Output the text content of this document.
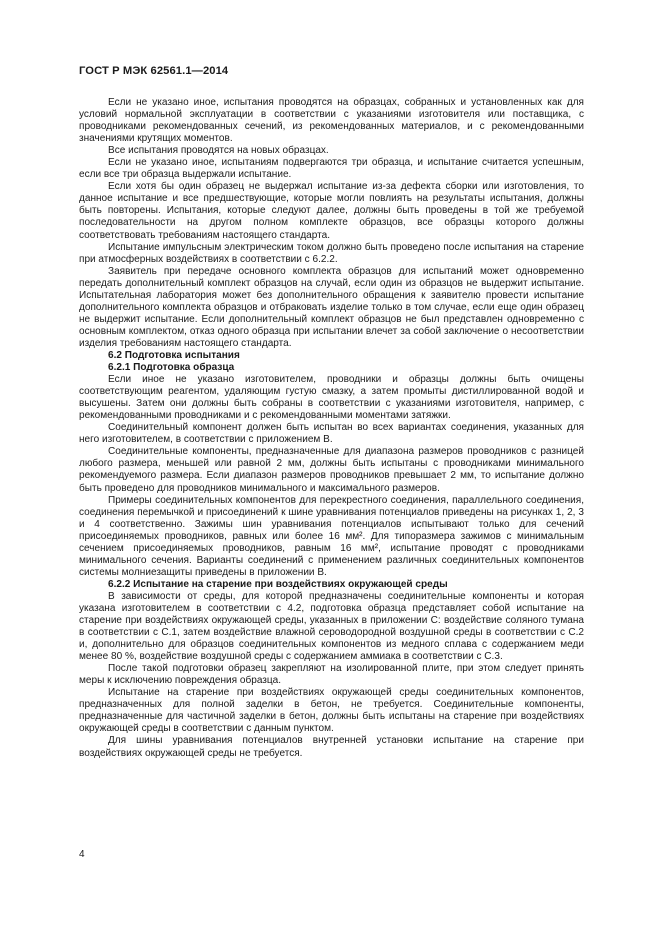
ГОСТ Р МЭК 62561.1—2014

Если не указано иное, испытания проводятся на образцах, собранных и установленных как для условий нормальной эксплуатации в соответствии с указаниями изготовителя или поставщика, с проводниками рекомендованных сечений, из рекомендованных материалов, и с рекомендованными значениями крутящих моментов.

Все испытания проводятся на новых образцах.

Если не указано иное, испытаниям подвергаются три образца, и испытание считается успешным, если все три образца выдержали испытание.

Если хотя бы один образец не выдержал испытание из-за дефекта сборки или изготовления, то данное испытание и все предшествующие, которые могли повлиять на результаты испытания, должны быть повторены. Испытания, которые следуют далее, должны быть проведены в той же требуемой последовательности на другом полном комплекте образцов, все образцы которого должны соответствовать требованиям настоящего стандарта.

Испытание импульсным электрическим током должно быть проведено после испытания на старение при атмосферных воздействиях в соответствии с 6.2.2.

Заявитель при передаче основного комплекта образцов для испытаний может одновременно передать дополнительный комплект образцов на случай, если один из образцов не выдержит испытание. Испытательная лаборатория может без дополнительного обращения к заявителю провести испытание дополнительного комплекта образцов и отбраковать изделие только в том случае, если еще один образец не выдержит испытание. Если дополнительный комплект образцов не был представлен одновременно с основным комплектом, отказ одного образца при испытании влечет за собой заключение о несоответствии изделия требованиям настоящего стандарта.

6.2 Подготовка испытания

6.2.1 Подготовка образца

Если иное не указано изготовителем, проводники и образцы должны быть очищены соответствующим реагентом, удаляющим густую смазку, а затем промыты дистиллированной водой и высушены. Затем они должны быть собраны в соответствии с указаниями изготовителя, например, с рекомендованными проводниками и с рекомендованными моментами затяжки.

Соединительный компонент должен быть испытан во всех вариантах соединения, указанных для него изготовителем, в соответствии с приложением В.

Соединительные компоненты, предназначенные для диапазона размеров проводников с разницей любого размера, меньшей или равной 2 мм, должны быть испытаны с проводниками минимального рекомендуемого размера. Если диапазон размеров проводников превышает 2 мм, то испытание должно быть проведено для проводников минимального и максимального размеров.

Примеры соединительных компонентов для перекрестного соединения, параллельного соединения, соединения перемычкой и присоединений к шине уравнивания потенциалов приведены на рисунках 1, 2, 3 и 4 соответственно. Зажимы шин уравнивания потенциалов испытывают только для сечений присоединяемых проводников, равных или более 16 мм². Для типоразмера зажимов с минимальным сечением присоединяемых проводников, равным 16 мм², испытание проводят с проводниками минимального сечения. Варианты соединений с применением различных соединительных компонентов системы молниезащиты приведены в приложении В.

6.2.2 Испытание на старение при воздействиях окружающей среды

В зависимости от среды, для которой предназначены соединительные компоненты и которая указана изготовителем в соответствии с 4.2, подготовка образца представляет собой испытание на старение при воздействиях окружающей среды, указанных в приложении С: воздействие соляного тумана в соответствии с С.1, затем воздействие влажной сероводородной воздушной среды в соответствии с С.2 и, дополнительно для образцов соединительных компонентов из медного сплава с содержанием меди менее 80 %, воздействие воздушной среды с содержанием аммиака в соответствии с С.3.

После такой подготовки образец закрепляют на изолированной плите, при этом следует принять меры к исключению повреждения образца.

Испытание на старение при воздействиях окружающей среды соединительных компонентов, предназначенных для полной заделки в бетон, не требуется. Соединительные компоненты, предназначенные для частичной заделки в бетон, должны быть испытаны на старение при воздействиях окружающей среды в соответствии с данным пунктом.

Для шины уравнивания потенциалов внутренней установки испытание на старение при воздействиях окружающей среды не требуется.

4
